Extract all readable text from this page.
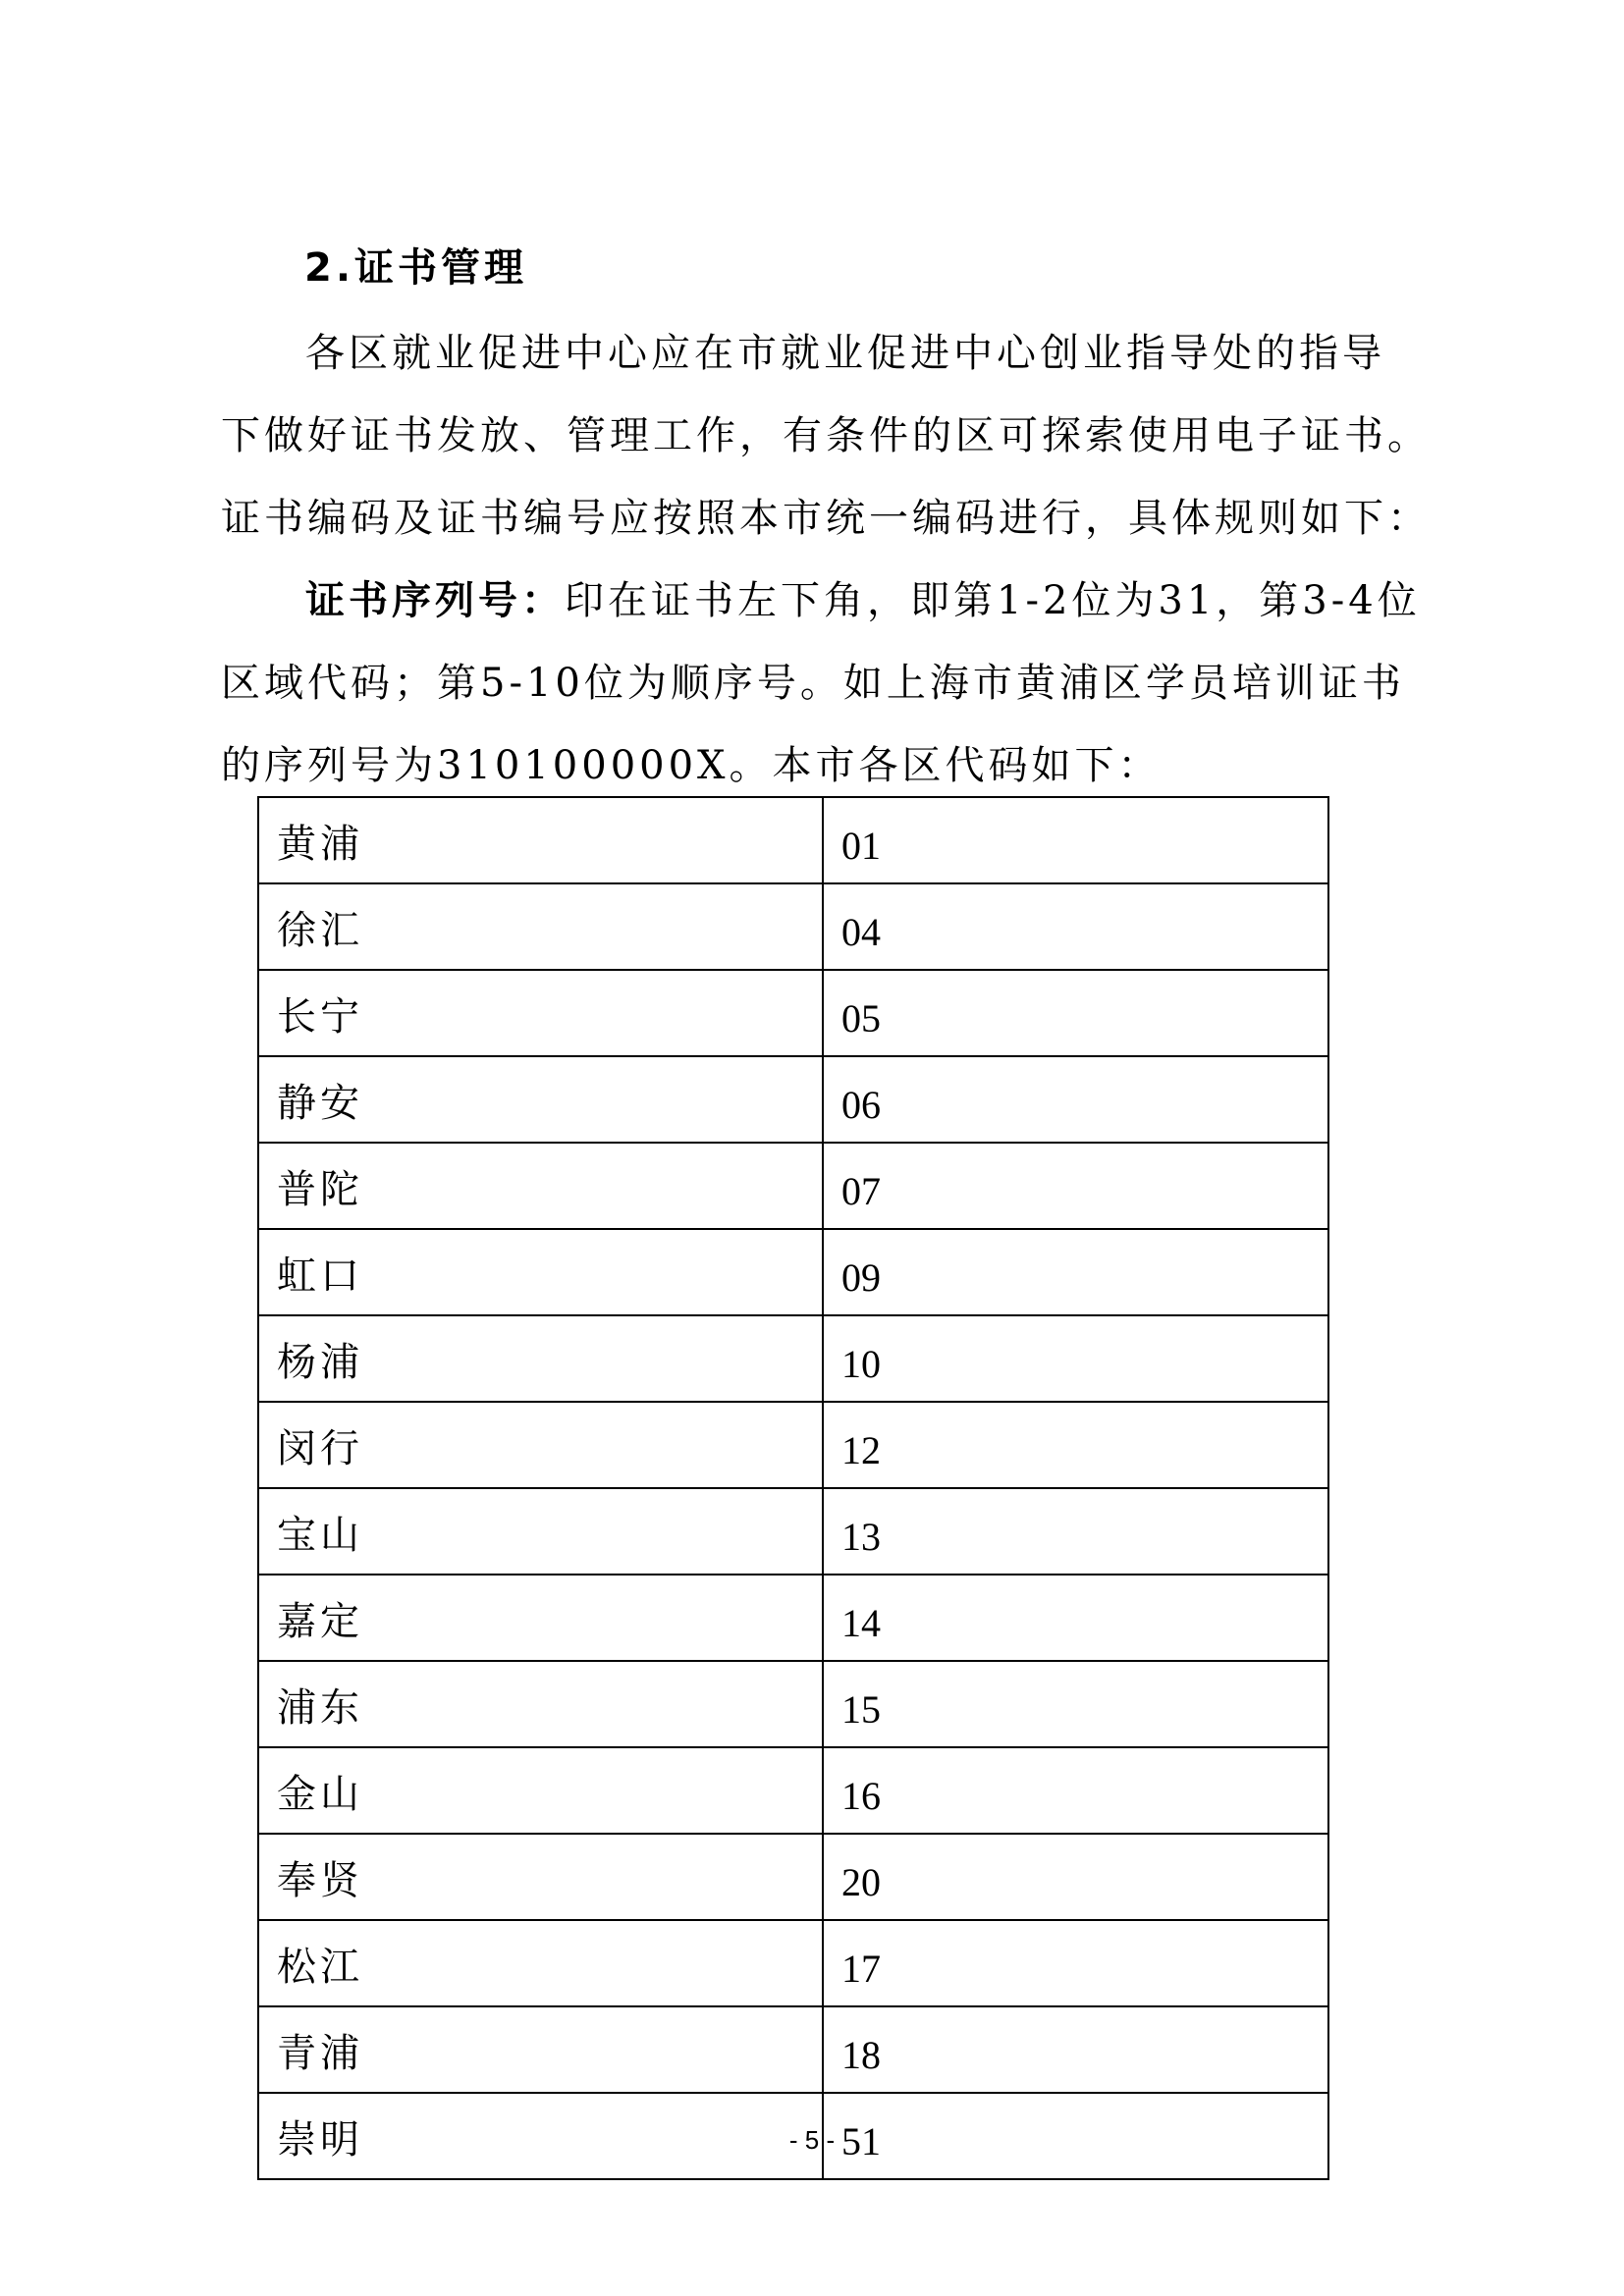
2.证书管理

各区就业促进中心应在市就业促进中心创业指导处的指导
下做好证书发放、管理工作，有条件的区可探索使用电子证书。
证书编码及证书编号应按照本市统一编码进行，具体规则如下：

证书序列号：印在证书左下角，即第1-2位为31，第3-4位
区域代码；第5-10位为顺序号。如上海市黄浦区学员培训证书
的序列号为310100000X。本市各区代码如下：

黄浦	01
徐汇	04
长宁	05
静安	06
普陀	07
虹口	09
杨浦	10
闵行	12
宝山	13
嘉定	14
浦东	15
金山	16
奉贤	20
松江	17
青浦	18
崇明	51
- 5 -
